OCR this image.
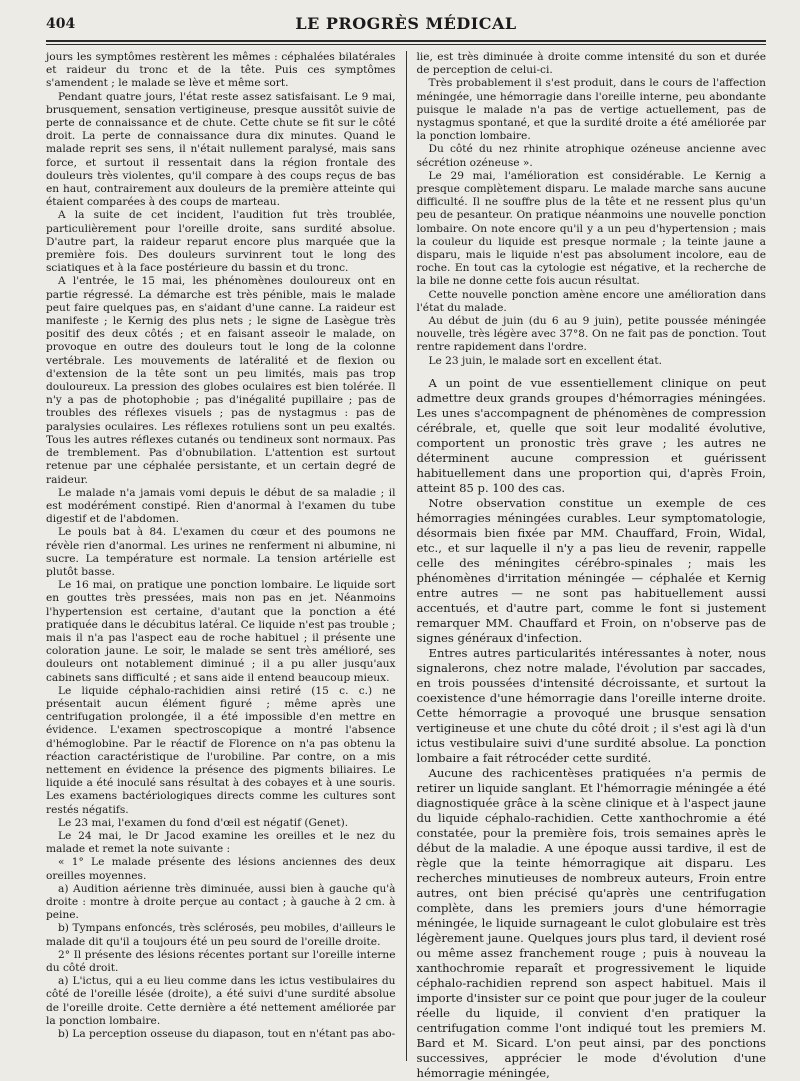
404	LE PROGRÈS MÉDICAL

jours les symptômes restèrent les mêmes : céphalées bilatérales et raideur du tronc et de la tête. Puis ces symptômes s'amendent ; le malade se lève et même sort.

Pendant quatre jours, l'état reste assez satisfaisant. Le 9 mai, brusquement, sensation vertigineuse, presque aussitôt suivie de perte de connaissance et de chute. Cette chute se fit sur le côté droit. La perte de connaissance dura dix minutes. Quand le malade reprit ses sens, il n'était nullement paralysé, mais sans force, et surtout il ressentait dans la région frontale des douleurs très violentes, qu'il compare à des coups reçus de bas en haut, contrairement aux douleurs de la première atteinte qui étaient comparées à des coups de marteau.

A la suite de cet incident, l'audition fut très troublée, particulièrement pour l'oreille droite, sans surdité absolue. D'autre part, la raideur reparut encore plus marquée que la première fois. Des douleurs survinrent tout le long des sciatiques et à la face postérieure du bassin et du tronc.

A l'entrée, le 15 mai, les phénomènes douloureux ont en partie régressé. La démarche est très pénible, mais le malade peut faire quelques pas, en s'aidant d'une canne. La raideur est manifeste ; le Kernig des plus nets ; le signe de Lasègue très positif des deux côtés ; et en faisant asseoir le malade, on provoque en outre des douleurs tout le long de la colonne vertébrale. Les mouvements de latéralité et de flexion ou d'extension de la tête sont un peu limités, mais pas trop douloureux. La pression des globes oculaires est bien tolérée. Il n'y a pas de photophobie ; pas d'inégalité pupillaire ; pas de troubles des réflexes visuels ; pas de nystagmus : pas de paralysies oculaires. Les réflexes rotuliens sont un peu exaltés. Tous les autres réflexes cutanés ou tendineux sont normaux. Pas de tremblement. Pas d'obnubilation. L'attention est surtout retenue par une céphalée persistante, et un certain degré de raideur.

Le malade n'a jamais vomi depuis le début de sa maladie ; il est modérément constipé. Rien d'anormal à l'examen du tube digestif et de l'abdomen.

Le pouls bat à 84. L'examen du cœur et des poumons ne révèle rien d'anormal. Les urines ne renferment ni albumine, ni sucre. La température est normale. La tension artérielle est plutôt basse.

Le 16 mai, on pratique une ponction lombaire. Le liquide sort en gouttes très pressées, mais non pas en jet. Néanmoins l'hypertension est certaine, d'autant que la ponction a été pratiquée dans le décubitus latéral. Ce liquide n'est pas trouble ; mais il n'a pas l'aspect eau de roche habituel ; il présente une coloration jaune. Le soir, le malade se sent très amélioré, ses douleurs ont notablement diminué ; il a pu aller jusqu'aux cabinets sans difficulté ; et sans aide il entend beaucoup mieux.

Le liquide céphalo-rachidien ainsi retiré (15 c. c.) ne présentait aucun élément figuré ; même après une centrifugation prolongée, il a été impossible d'en mettre en évidence. L'examen spectroscopique a montré l'absence d'hémoglobine. Par le réactif de Florence on n'a pas obtenu la réaction caractéristique de l'urobiline. Par contre, on a mis nettement en évidence la présence des pigments biliaires. Le liquide a été inoculé sans résultat à des cobayes et à une souris. Les examens bactériologiques directs comme les cultures sont restés négatifs.

Le 23 mai, l'examen du fond d'œil est négatif (Genet).

Le 24 mai, le Dr Jacod examine les oreilles et le nez du malade et remet la note suivante :

« 1° Le malade présente des lésions anciennes des deux oreilles moyennes.

a) Audition aérienne très diminuée, aussi bien à gauche qu'à droite : montre à droite perçue au contact ; à gauche à 2 cm. à peine.

b) Tympans enfoncés, très sclérosés, peu mobiles, d'ailleurs le malade dit qu'il a toujours été un peu sourd de l'oreille droite.

2° Il présente des lésions récentes portant sur l'oreille interne du côté droit.

a) L'ictus, qui a eu lieu comme dans les ictus vestibulaires du côté de l'oreille lésée (droite), a été suivi d'une surdité absolue de l'oreille droite. Cette dernière a été nettement améliorée par la ponction lombaire.

b) La perception osseuse du diapason, tout en n'étant pas abo-

lie, est très diminuée à droite comme intensité du son et durée de perception de celui-ci.

Très probablement il s'est produit, dans le cours de l'affection méningée, une hémorragie dans l'oreille interne, peu abondante puisque le malade n'a pas de vertige actuellement, pas de nystagmus spontané, et que la surdité droite a été améliorée par la ponction lombaire.

Du côté du nez rhinite atrophique ozéneuse ancienne avec sécrétion ozéneuse ».

Le 29 mai, l'amélioration est considérable. Le Kernig a presque complètement disparu. Le malade marche sans aucune difficulté. Il ne souffre plus de la tête et ne ressent plus qu'un peu de pesanteur. On pratique néanmoins une nouvelle ponction lombaire. On note encore qu'il y a un peu d'hypertension ; mais la couleur du liquide est presque normale ; la teinte jaune a disparu, mais le liquide n'est pas absolument incolore, eau de roche. En tout cas la cytologie est négative, et la recherche de la bile ne donne cette fois aucun résultat.

Cette nouvelle ponction amène encore une amélioration dans l'état du malade.

Au début de juin (du 6 au 9 juin), petite poussée méningée nouvelle, très légère avec 37°8. On ne fait pas de ponction. Tout rentre rapidement dans l'ordre.

Le 23 juin, le malade sort en excellent état.

A un point de vue essentiellement clinique on peut admettre deux grands groupes d'hémorragies méningées. Les unes s'accompagnent de phénomènes de compression cérébrale, et, quelle que soit leur modalité évolutive, comportent un pronostic très grave ; les autres ne déterminent aucune compression et guérissent habituellement dans une proportion qui, d'après Froin, atteint 85 p. 100 des cas.

Notre observation constitue un exemple de ces hémorragies méningées curables. Leur symptomatologie, désormais bien fixée par MM. Chauffard, Froin, Widal, etc., et sur laquelle il n'y a pas lieu de revenir, rappelle celle des méningites cérébro-spinales ; mais les phénomènes d'irritation méningée — céphalée et Kernig entre autres — ne sont pas habituellement aussi accentués, et d'autre part, comme le font si justement remarquer MM. Chauffard et Froin, on n'observe pas de signes généraux d'infection.

Entres autres particularités intéressantes à noter, nous signalerons, chez notre malade, l'évolution par saccades, en trois poussées d'intensité décroissante, et surtout la coexistence d'une hémorragie dans l'oreille interne droite. Cette hémorragie a provoqué une brusque sensation vertigineuse et une chute du côté droit ; il s'est agi là d'un ictus vestibulaire suivi d'une surdité absolue. La ponction lombaire a fait rétrocéder cette surdité.

Aucune des rachicentèses pratiquées n'a permis de retirer un liquide sanglant. Et l'hémorragie méningée a été diagnostiquée grâce à la scène clinique et à l'aspect jaune du liquide céphalo-rachidien. Cette xanthochromie a été constatée, pour la première fois, trois semaines après le début de la maladie. A une époque aussi tardive, il est de règle que la teinte hémorragique ait disparu. Les recherches minutieuses de nombreux auteurs, Froin entre autres, ont bien précisé qu'après une centrifugation complète, dans les premiers jours d'une hémorragie méningée, le liquide surnageant le culot globulaire est très légèrement jaune. Quelques jours plus tard, il devient rosé ou même assez franchement rouge ; puis à nouveau la xanthochromie reparaît et progressivement le liquide céphalo-rachidien reprend son aspect habituel. Mais il importe d'insister sur ce point que pour juger de la couleur réelle du liquide, il convient d'en pratiquer la centrifugation comme l'ont indiqué tout les premiers M. Bard et M. Sicard. L'on peut ainsi, par des ponctions successives, apprécier le mode d'évolution d'une hémorragie méningée,
